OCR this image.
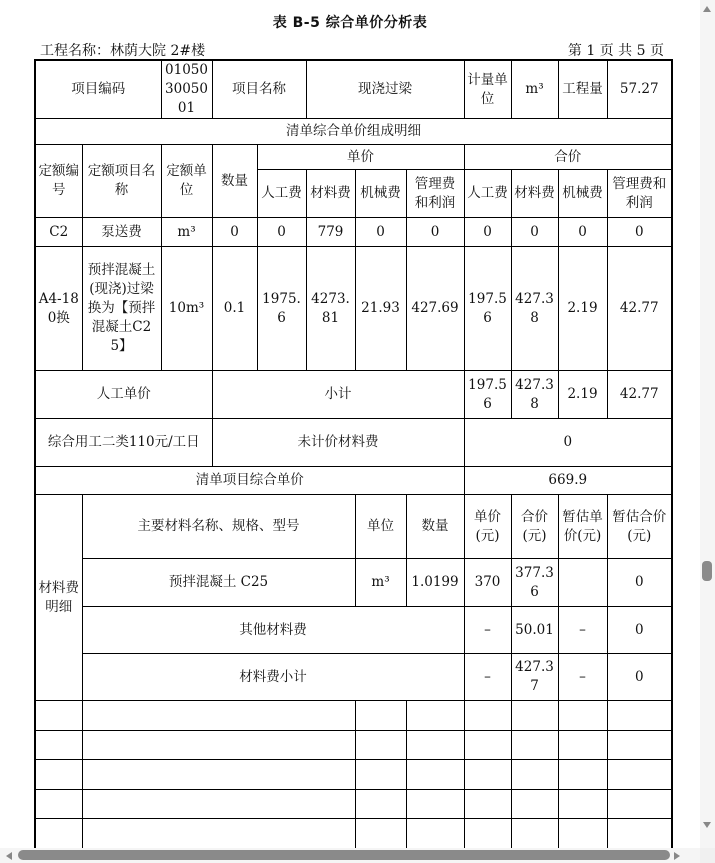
表 B-5 综合单价分析表
工程名称：林荫大院 2#楼	第 1 页 共 5 页
项目编码		010503005001	项目名称		现浇过梁			计量单位	m³	工程量	57.27
清单综合单价组成明细											
定额编号	定额项目名称	定额单位	数量	单价				合价			
				人工费	材料费	机械费	管理费和利润	人工费	材料费	机械费	管理费和利润
C2	泵送费	m³	0	0	779	0	0	0	0	0	0
A4-180换	预拌混凝土(现浇)过梁 换为【预拌混凝土C25】	10m³	0.1	1975.6	4273.81	21.93	427.69	197.56	427.38	2.19	42.77
人工单价			小计					197.56	427.38	2.19	42.77
综合用工二类110元/工日			未计价材料费					0			
清单项目综合单价								669.9			
材料费明细	主要材料名称、规格、型号					单位	数量	单价(元)	合价(元)	暂估单价(元)	暂估合价(元)
	预拌混凝土 C25					m³	1.0199	370	377.36		0
	其他材料费							–	50.01	–	0
	材料费小计							–	427.37	–	0
